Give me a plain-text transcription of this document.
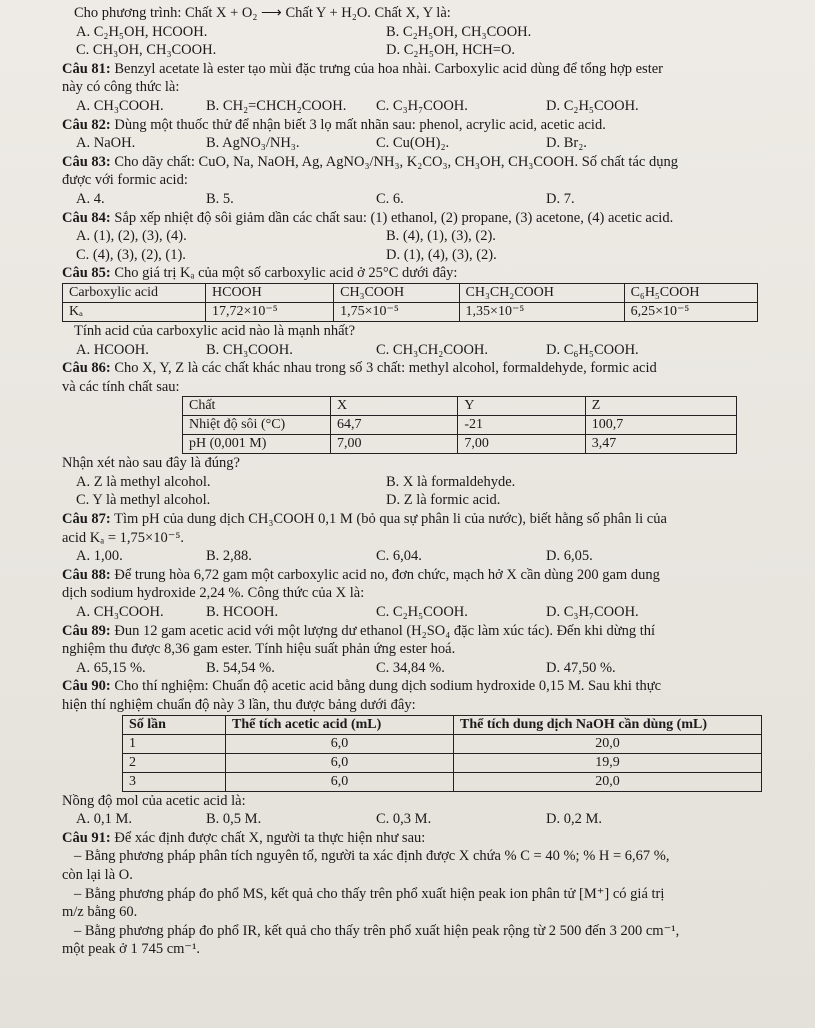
Cho phương trình: Chất X + O₂ ⟶ Chất Y + H₂O. Chất X, Y là:
A. C₂H₅OH, HCOOH.	B. C₂H₅OH, CH₃COOH.
C. CH₃OH, CH₃COOH.	D. C₂H₅OH, HCH=O.
Câu 81: Benzyl acetate là ester tạo mùi đặc trưng của hoa nhài. Carboxylic acid dùng để tổng hợp ester
này có công thức là:
A. CH₃COOH.	B. CH₂=CHCH₂COOH.	C. C₃H₇COOH.	D. C₂H₅COOH.
Câu 82: Dùng một thuốc thử để nhận biết 3 lọ mất nhãn sau: phenol, acrylic acid, acetic acid.
A. NaOH.	B. AgNO₃/NH₃.	C. Cu(OH)₂.	D. Br₂.
Câu 83: Cho dãy chất: CuO, Na, NaOH, Ag, AgNO₃/NH₃, K₂CO₃, CH₃OH, CH₃COOH. Số chất tác dụng
được với formic acid:
A. 4.	B. 5.	C. 6.	D. 7.
Câu 84: Sắp xếp nhiệt độ sôi giảm dần các chất sau: (1) ethanol, (2) propane, (3) acetone, (4) acetic acid.
A. (1), (2), (3), (4).	B. (4), (1), (3), (2).
C. (4), (3), (2), (1).	D. (1), (4), (3), (2).
Câu 85: Cho giá trị Kₐ của một số carboxylic acid ở 25°C dưới đây:
Carboxylic acid	HCOOH	CH₃COOH	CH₃CH₂COOH	C₆H₅COOH
Kₐ	17,72×10⁻⁵	1,75×10⁻⁵	1,35×10⁻⁵	6,25×10⁻⁵
Tính acid của carboxylic acid nào là mạnh nhất?
A. HCOOH.	B. CH₃COOH.	C. CH₃CH₂COOH.	D. C₆H₅COOH.
Câu 86: Cho X, Y, Z là các chất khác nhau trong số 3 chất: methyl alcohol, formaldehyde, formic acid
và các tính chất sau:
Chất	X	Y	Z
Nhiệt độ sôi (°C)	64,7	-21	100,7
pH (0,001 M)	7,00	7,00	3,47
Nhận xét nào sau đây là đúng?
A. Z là methyl alcohol.	B. X là formaldehyde.
C. Y là methyl alcohol.	D. Z là formic acid.
Câu 87: Tìm pH của dung dịch CH₃COOH 0,1 M (bỏ qua sự phân li của nước), biết hằng số phân li của
acid Kₐ = 1,75×10⁻⁵.
A. 1,00.	B. 2,88.	C. 6,04.	D. 6,05.
Câu 88: Để trung hòa 6,72 gam một carboxylic acid no, đơn chức, mạch hở X cần dùng 200 gam dung
dịch sodium hydroxide 2,24 %. Công thức của X là:
A. CH₃COOH.	B. HCOOH.	C. C₂H₅COOH.	D. C₃H₇COOH.
Câu 89: Đun 12 gam acetic acid với một lượng dư ethanol (H₂SO₄ đặc làm xúc tác). Đến khi dừng thí
nghiệm thu được 8,36 gam ester. Tính hiệu suất phản ứng ester hoá.
A. 65,15 %.	B. 54,54 %.	C. 34,84 %.	D. 47,50 %.
Câu 90: Cho thí nghiệm: Chuẩn độ acetic acid bằng dung dịch sodium hydroxide 0,15 M. Sau khi thực
hiện thí nghiệm chuẩn độ này 3 lần, thu được bảng dưới đây:
Số lần	Thể tích acetic acid (mL)	Thể tích dung dịch NaOH cần dùng (mL)
1	6,0	20,0
2	6,0	19,9
3	6,0	20,0
Nồng độ mol của acetic acid là:
A. 0,1 M.	B. 0,5 M.	C. 0,3 M.	D. 0,2 M.
Câu 91: Để xác định được chất X, người ta thực hiện như sau:
– Bằng phương pháp phân tích nguyên tố, người ta xác định được X chứa % C = 40 %; % H = 6,67 %,
còn lại là O.
– Bằng phương pháp đo phổ MS, kết quả cho thấy trên phổ xuất hiện peak ion phân tử [M⁺] có giá trị
m/z bằng 60.
– Bằng phương pháp đo phổ IR, kết quả cho thấy trên phổ xuất hiện peak rộng từ 2 500 đến 3 200 cm⁻¹,
một peak ở 1 745 cm⁻¹.
